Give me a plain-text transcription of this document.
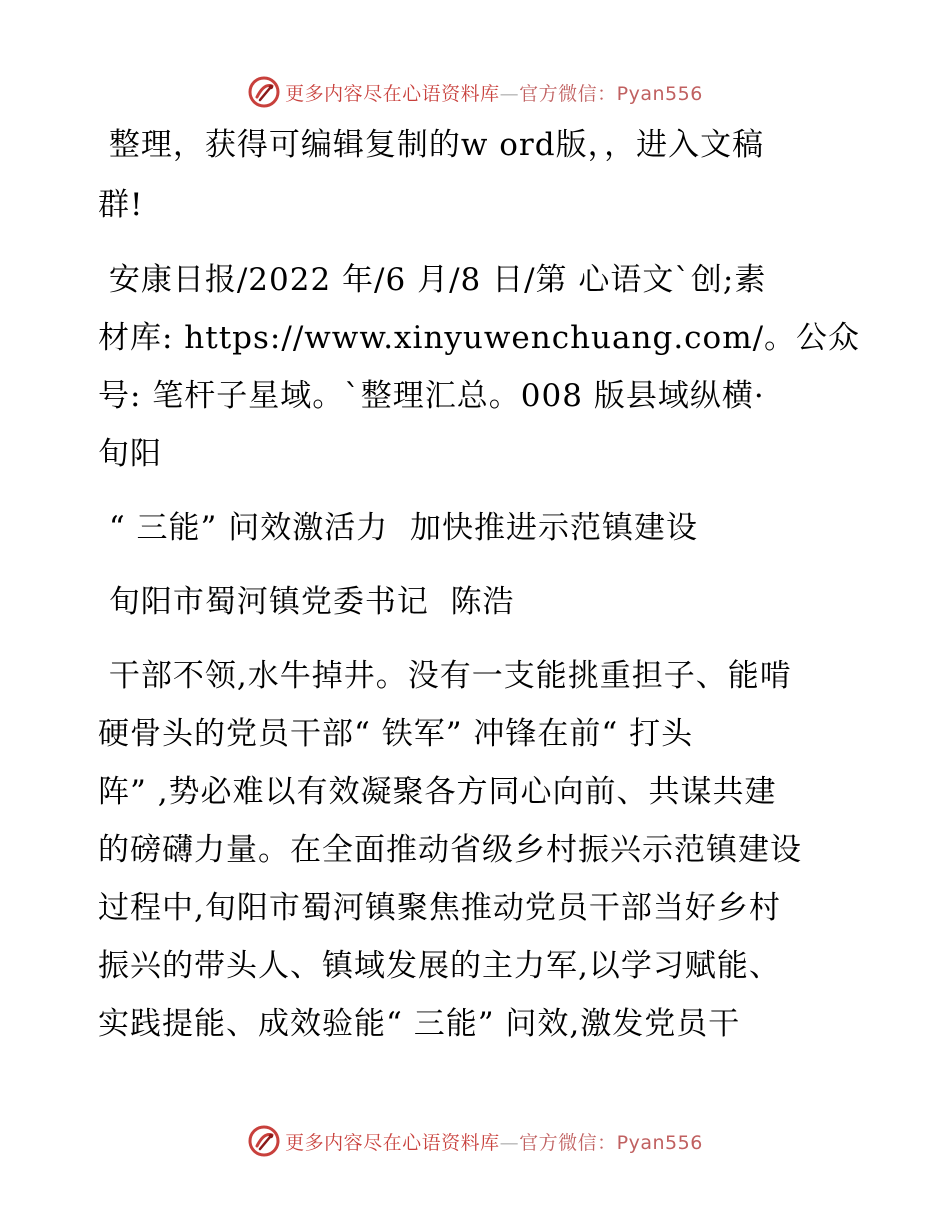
更多内容尽在心语资料库—官方微信：Pyan556
整理，获得可编辑复制的w ord版，，进入文稿
群!
安康日报/2022 年/6 月/8 日/第 心语文`创;素
材库: https://www.xinyuwenchuang.com/。公众
号: 笔杆子星域。`整理汇总。008 版县域纵横·
旬阳
“ 三能” 问效激活力  加快推进示范镇建设
旬阳市蜀河镇党委书记  陈浩
干部不领,水牛掉井。没有一支能挑重担子、能啃
硬骨头的党员干部“ 铁军” 冲锋在前“ 打头
阵” ,势必难以有效凝聚各方同心向前、共谋共建
的磅礴力量。在全面推动省级乡村振兴示范镇建设
过程中,旬阳市蜀河镇聚焦推动党员干部当好乡村
振兴的带头人、镇域发展的主力军,以学习赋能、
实践提能、成效验能“ 三能” 问效,激发党员干
更多内容尽在心语资料库—官方微信：Pyan556
